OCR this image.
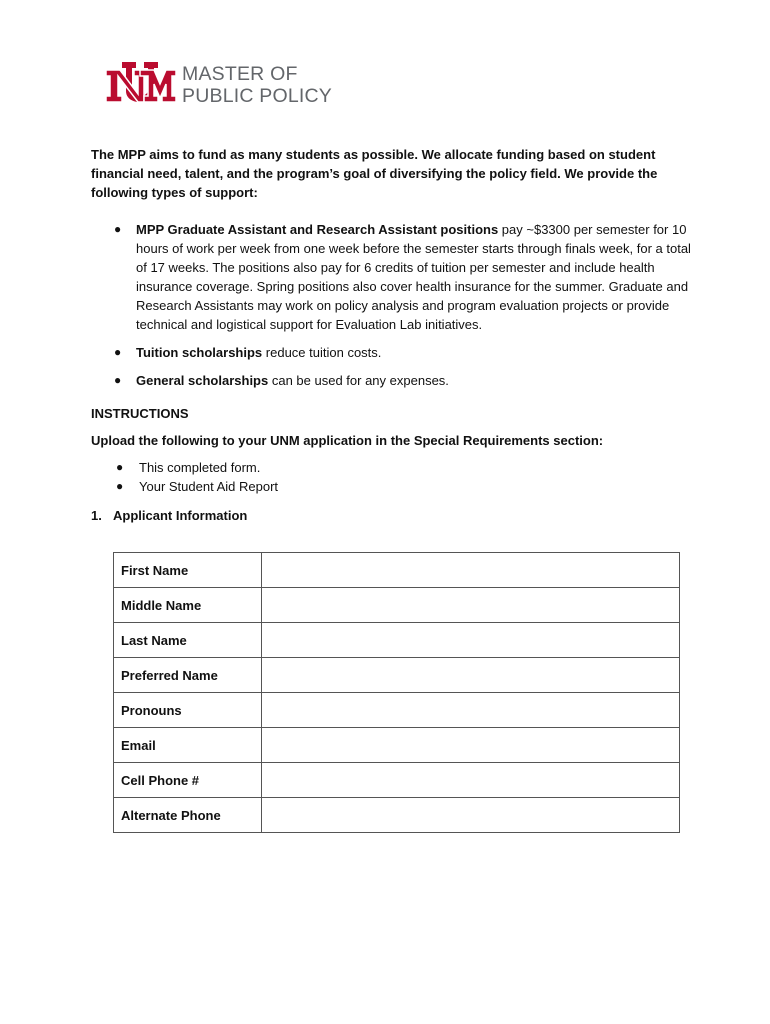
MASTER OF
PUBLIC POLICY

The MPP aims to fund as many students as possible. We allocate funding based on student financial need, talent, and the program’s goal of diversifying the policy field. We provide the following types of support:

● MPP Graduate Assistant and Research Assistant positions pay ~$3300 per semester for 10 hours of work per week from one week before the semester starts through finals week, for a total of 17 weeks. The positions also pay for 6 credits of tuition per semester and include health insurance coverage. Spring positions also cover health insurance for the summer. Graduate and Research Assistants may work on policy analysis and program evaluation projects or provide technical and logistical support for Evaluation Lab initiatives.
● Tuition scholarships reduce tuition costs.
● General scholarships can be used for any expenses.

INSTRUCTIONS

Upload the following to your UNM application in the Special Requirements section:

● This completed form.
● Your Student Aid Report

1. Applicant Information

First Name	
Middle Name	
Last Name	
Preferred Name	
Pronouns	
Email	
Cell Phone #	
Alternate Phone	
